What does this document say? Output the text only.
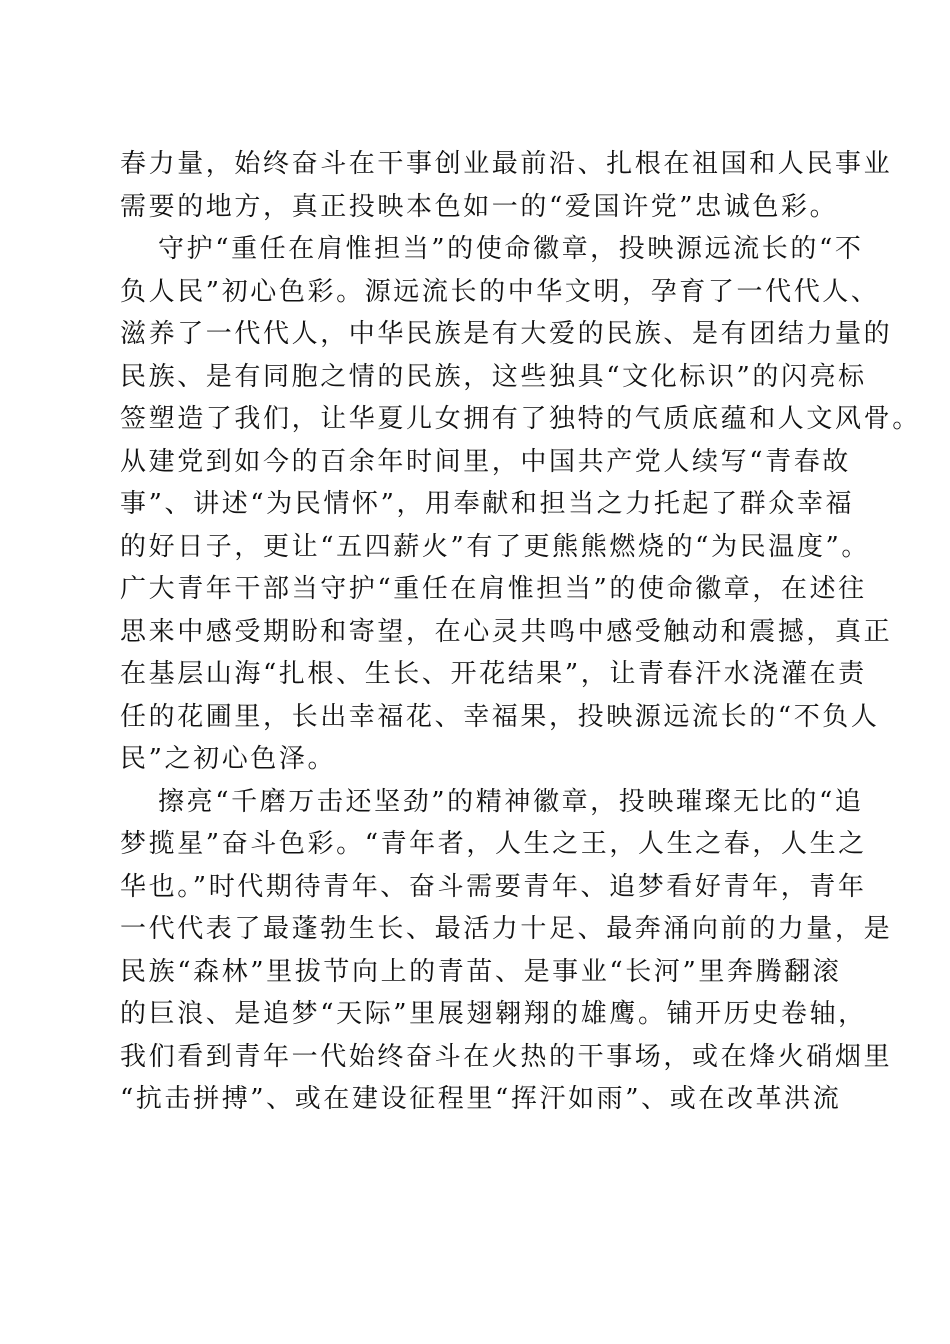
春力量，始终奋斗在干事创业最前沿、扎根在祖国和人民事业
需要的地方，真正投映本色如一的“爱国许党”忠诚色彩。
守护“重任在肩惟担当”的使命徽章，投映源远流长的“不
负人民”初心色彩。源远流长的中华文明，孕育了一代代人、
滋养了一代代人，中华民族是有大爱的民族、是有团结力量的
民族、是有同胞之情的民族，这些独具“文化标识”的闪亮标
签塑造了我们，让华夏儿女拥有了独特的气质底蕴和人文风骨。
从建党到如今的百余年时间里，中国共产党人续写“青春故
事”、讲述“为民情怀”，用奉献和担当之力托起了群众幸福
的好日子，更让“五四薪火”有了更熊熊燃烧的“为民温度”。
广大青年干部当守护“重任在肩惟担当”的使命徽章，在述往
思来中感受期盼和寄望，在心灵共鸣中感受触动和震撼，真正
在基层山海“扎根、生长、开花结果”，让青春汗水浇灌在责
任的花圃里，长出幸福花、幸福果，投映源远流长的“不负人
民”之初心色泽。
擦亮“千磨万击还坚劲”的精神徽章，投映璀璨无比的“追
梦揽星”奋斗色彩。“青年者，人生之王，人生之春，人生之
华也。”时代期待青年、奋斗需要青年、追梦看好青年，青年
一代代表了最蓬勃生长、最活力十足、最奔涌向前的力量，是
民族“森林”里拔节向上的青苗、是事业“长河”里奔腾翻滚
的巨浪、是追梦“天际”里展翅翱翔的雄鹰。铺开历史卷轴，
我们看到青年一代始终奋斗在火热的干事场，或在烽火硝烟里
“抗击拼搏”、或在建设征程里“挥汗如雨”、或在改革洪流
